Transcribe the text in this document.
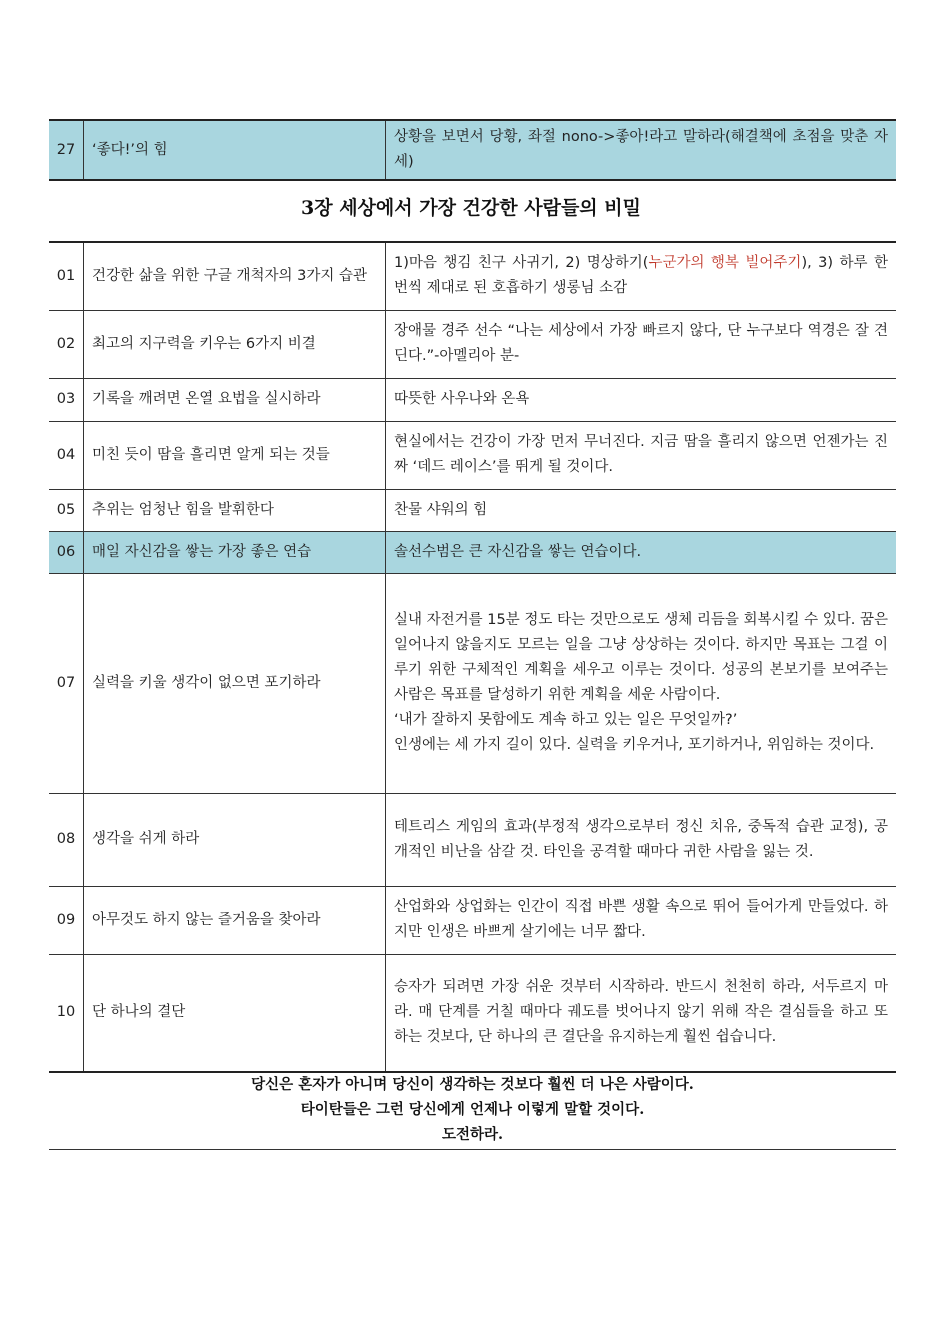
27	‘좋다!’의 힘	상황을 보면서 당황, 좌절 nono->좋아!라고 말하라(해결책에 초점을 맞춘 자세)
3장 세상에서 가장 건강한 사람들의 비밀
01	건강한 삶을 위한 구글 개척자의 3가지 습관	1)마음 챙김 친구 사귀기, 2) 명상하기(누군가의 행복 빌어주기), 3) 하루 한 번씩 제대로 된 호흡하기 생롱님 소감
02	최고의 지구력을 키우는 6가지 비결	장애물 경주 선수 “나는 세상에서 가장 빠르지 않다, 단 누구보다 역경은 잘 견딘다.”-아멜리아 분-
03	기록을 깨려면 온열 요법을 실시하라	따뜻한 사우나와 온욕
04	미친 듯이 땀을 흘리면 알게 되는 것들	현실에서는 건강이 가장 먼저 무너진다. 지금 땀을 흘리지 않으면 언젠가는 진짜 ‘데드 레이스’를 뛰게 될 것이다.
05	추위는 엄청난 힘을 발휘한다	찬물 샤워의 힘
06	매일 자신감을 쌓는 가장 좋은 연습	솔선수범은 큰 자신감을 쌓는 연습이다.
07	실력을 키울 생각이 없으면 포기하라	실내 자전거를 15분 정도 타는 것만으로도 생체 리듬을 회복시킬 수 있다. 꿈은 일어나지 않을지도 모르는 일을 그냥 상상하는 것이다. 하지만 목표는 그걸 이루기 위한 구체적인 계획을 세우고 이루는 것이다. 성공의 본보기를 보여주는 사람은 목표를 달성하기 위한 계획을 세운 사람이다.
‘내가 잘하지 못함에도 계속 하고 있는 일은 무엇일까?’
인생에는 세 가지 길이 있다. 실력을 키우거나, 포기하거나, 위임하는 것이다.

08	생각을 쉬게 하라	테트리스 게임의 효과(부정적 생각으로부터 정신 치유, 중독적 습관 교정), 공개적인 비난을 삼갈 것. 타인을 공격할 때마다 귀한 사람을 잃는 것.
09	아무것도 하지 않는 즐거움을 찾아라	산업화와 상업화는 인간이 직접 바쁜 생활 속으로 뛰어 들어가게 만들었다. 하지만 인생은 바쁘게 살기에는 너무 짧다.
10	단 하나의 결단	승자가 되려면 가장 쉬운 것부터 시작하라. 반드시 천천히 하라, 서두르지 마라. 매 단계를 거칠 때마다 궤도를 벗어나지 않기 위해 작은 결심들을 하고 또 하는 것보다, 단 하나의 큰 결단을 유지하는게 훨씬 쉽습니다.
당신은 혼자가 아니며 당신이 생각하는 것보다 훨씬 더 나은 사람이다.
타이탄들은 그런 당신에게 언제나 이렇게 말할 것이다.
도전하라.
